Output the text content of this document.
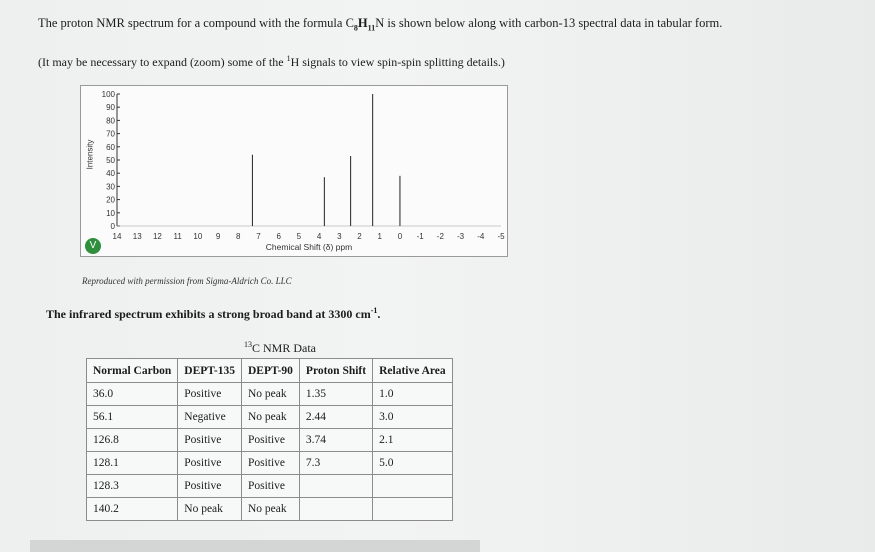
The proton NMR spectrum for a compound with the formula $C_8H_{11}N$ is shown below along with carbon-13 spectral data in tabular form.
(It may be necessary to expand (zoom) some of the $^1$H signals to view spin-spin splitting details.)
0
10
20
30
40
50
60
70
80
90
100
14 13 12 11 10 9 8 7 6 5 4 3 2 1 0 -1 -2 -3 -4 -5
Chemical Shift (δ) ppm
Intensity
V
Reproduced with permission from Sigma-Aldrich Co. LLC
The infrared spectrum exhibits a strong broad band at 3300 $cm^{-1}$.
$^{13}$C NMR Data
Normal Carbon	DEPT-135	DEPT-90	Proton Shift	Relative Area
36.0	Positive	No peak	1.35	1.0
56.1	Negative	No peak	2.44	3.0
126.8	Positive	Positive	3.74	2.1
128.1	Positive	Positive	7.3	5.0
128.3	Positive	Positive		
140.2	No peak	No peak		
